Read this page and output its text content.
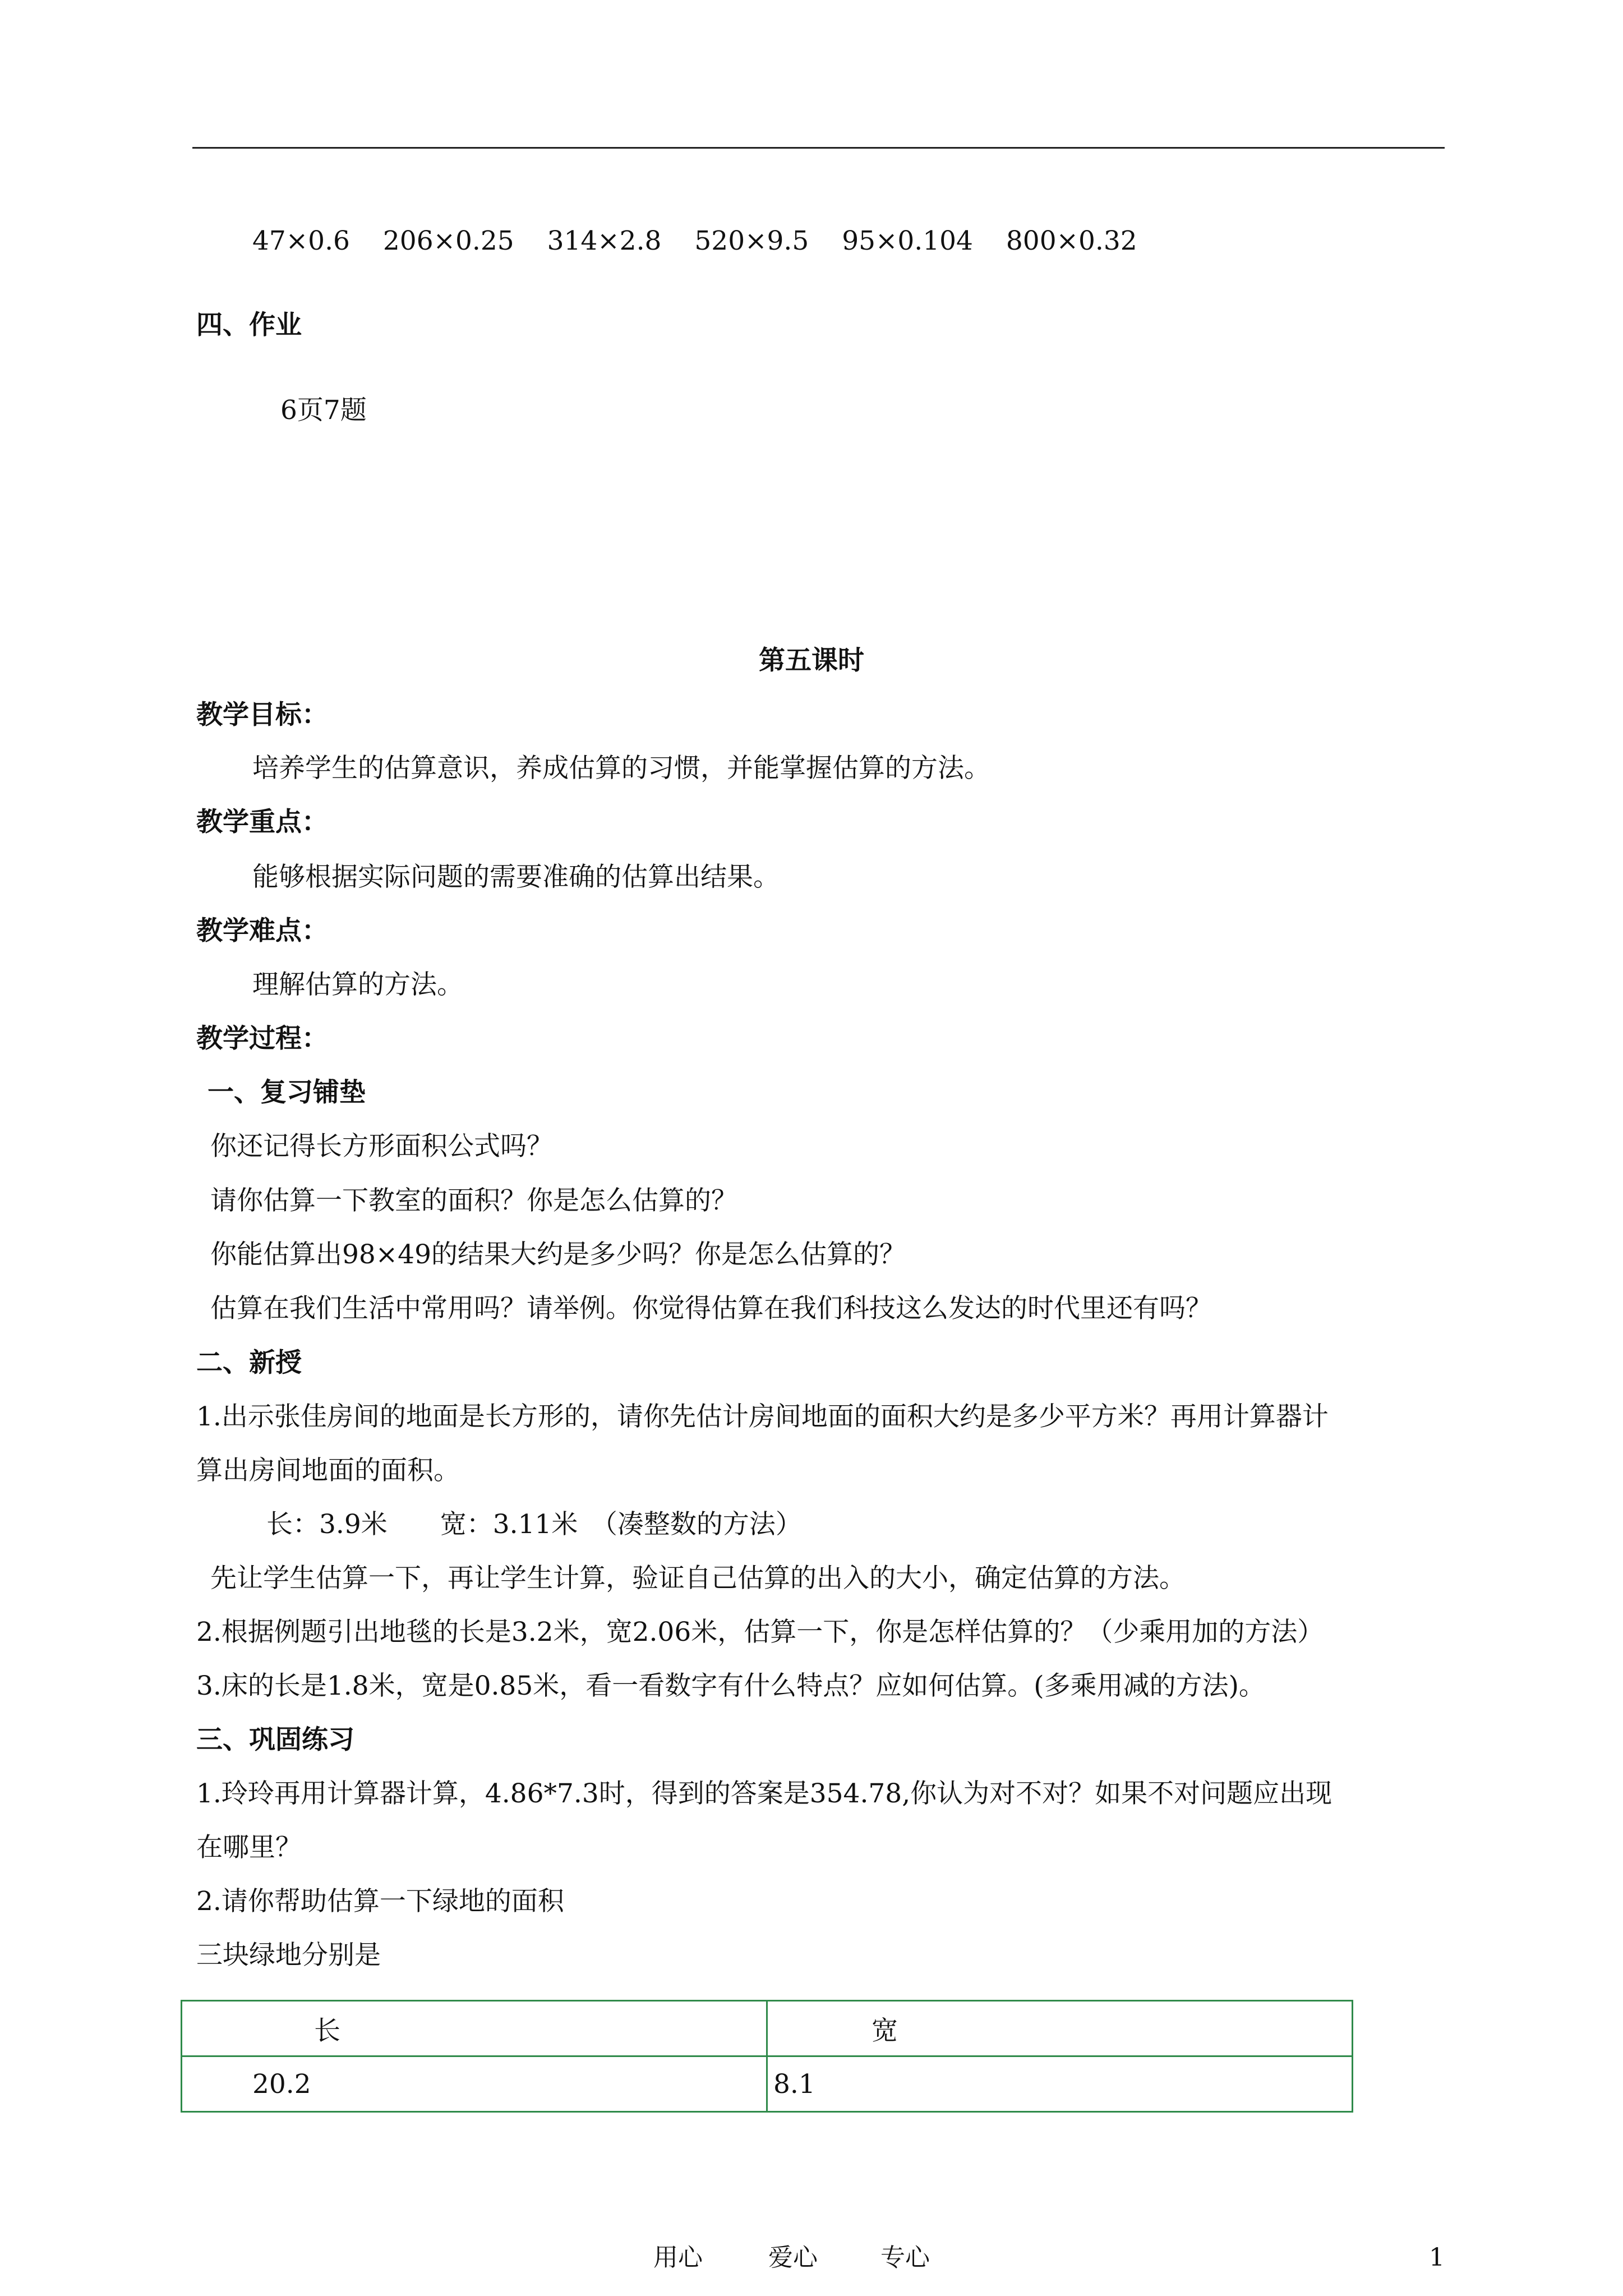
47×0.6 206×0.25 314×2.8 520×9.5 95×0.104 800×0.32
四、作业
6页7题
第五课时
教学目标：
培养学生的估算意识，养成估算的习惯，并能掌握估算的方法。
教学重点：
能够根据实际问题的需要准确的估算出结果。
教学难点：
理解估算的方法。
教学过程：
一、复习铺垫
你还记得长方形面积公式吗？
请你估算一下教室的面积？你是怎么估算的？
你能估算出98×49的结果大约是多少吗？你是怎么估算的？
估算在我们生活中常用吗？请举例。你觉得估算在我们科技这么发达的时代里还有吗？
二、新授
1.出示张佳房间的地面是长方形的，请你先估计房间地面的面积大约是多少平方米？再用计算器计
算出房间地面的面积。
长：3.9米　　宽：3.11米　（凑整数的方法）
先让学生估算一下，再让学生计算，验证自己估算的出入的大小，确定估算的方法。
2.根据例题引出地毯的长是3.2米，宽2.06米，估算一下，你是怎样估算的？（少乘用加的方法）
3.床的长是1.8米，宽是0.85米，看一看数字有什么特点？应如何估算。(多乘用减的方法)。
三、巩固练习
1.玲玲再用计算器计算，4.86*7.3时，得到的答案是354.78,你认为对不对？如果不对问题应出现
在哪里？
2.请你帮助估算一下绿地的面积
三块绿地分别是
长	宽
20.2	8.1
用心	爱心	专心	1
